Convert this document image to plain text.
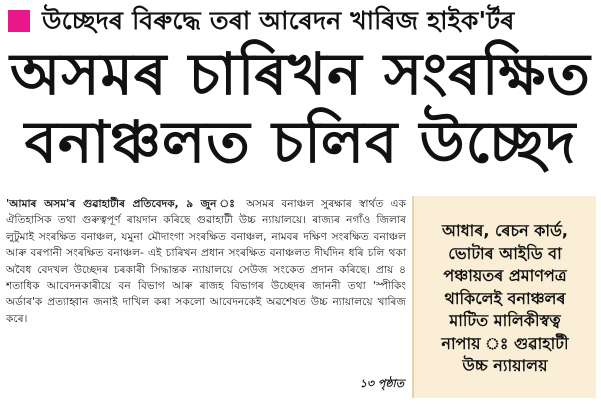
উচ্ছেদৰ বিৰুদ্ধে তৰা আৰেদন খাৰিজ হাইক'ৰ্টৰ
অসমৰ চাৰিখন সংৰক্ষিত
বনাঞ্চলত চলিব উচ্ছেদ

'আমাৰ অসম'ৰ গুৱাহাটীৰ প্ৰতিবেদক, ৯ জুন ঃ অসমৰ বনাঞ্চল সুৰক্ষাৰ স্বাৰ্থত এক ঐতিহাসিক তথা গুৰুত্বপূৰ্ণ ৰায়দান কৰিছে গুৱাহাটী উচ্চ ন্যায়ালয়ে। ৰাজ্যৰ নগাঁও জিলাৰ লুটুমাই সংৰক্ষিত বনাঞ্চল, যমুনা মৌদাংগা সংৰক্ষিত বনাঞ্চল, নামবৰ দক্ষিণ সংৰক্ষিত বনাঞ্চল আৰু বৰপানী সংৰক্ষিত বনাঞ্চল- এই চাৰিখন প্ৰধান সংৰক্ষিত বনাঞ্চলত দীৰ্ঘদিন ধৰি চলি থকা অবৈধ বেদখল উচ্ছেদৰ চৰকাৰী সিদ্ধান্তক ন্যায়ালয়ে সেউজ সংকেত প্ৰদান কৰিছে। প্ৰায় ৪ শতাধিক আবেদনকাৰীয়ে বন বিভাগ আৰু ৰাজহ বিভাগৰ উচ্ছেদৰ জাননী তথা 'স্পীকিং অৰ্ডাৰ'ক প্ৰত্যাহ্বান জনাই দাখিল কৰা সকলো আবেদনকেই অৱশেষত উচ্চ ন্যায়ালয়ে খাৰিজ কৰে।

১৩ পৃষ্ঠাত
আধাৰ, ৰেচন কাৰ্ড,
ভোটাৰ আইডি বা
পঞ্চায়তৰ প্ৰমাণপত্ৰ
থাকিলেই বনাঞ্চলৰ
মাটিত মালিকীস্বত্ব
নাপায় ঃ গুৱাহাটী
উচ্চ ন্যায়ালয়
